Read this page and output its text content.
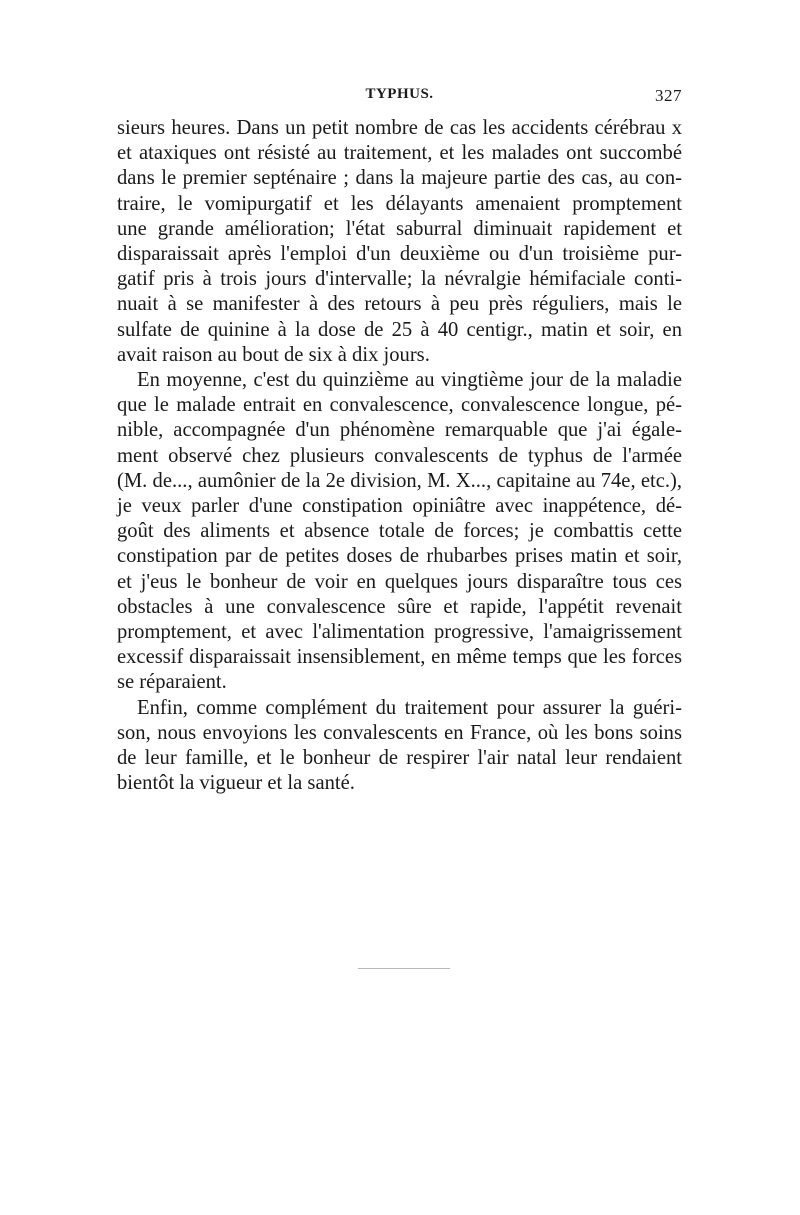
TYPHUS.	327

sieurs heures. Dans un petit nombre de cas les accidents cérébrau x

et ataxiques ont résisté au traitement, et les malades ont succombé

dans le premier septénaire ; dans la majeure partie des cas, au con-

traire, le vomipurgatif et les délayants amenaient promptement

une grande amélioration; l'état saburral diminuait rapidement et

disparaissait après l'emploi d'un deuxième ou d'un troisième pur-

gatif pris à trois jours d'intervalle; la névralgie hémifaciale conti-

nuait à se manifester à des retours à peu près réguliers, mais le

sulfate de quinine à la dose de 25 à 40 centigr., matin et soir, en

avait raison au bout de six à dix jours.

En moyenne, c'est du quinzième au vingtième jour de la maladie

que le malade entrait en convalescence, convalescence longue, pé-

nible, accompagnée d'un phénomène remarquable que j'ai égale-

ment observé chez plusieurs convalescents de typhus de l'armée

(M. de..., aumônier de la 2e division, M. X..., capitaine au 74e, etc.),

je veux parler d'une constipation opiniâtre avec inappétence, dé-

goût des aliments et absence totale de forces; je combattis cette

constipation par de petites doses de rhubarbes prises matin et soir,

et j'eus le bonheur de voir en quelques jours disparaître tous ces

obstacles à une convalescence sûre et rapide, l'appétit revenait

promptement, et avec l'alimentation progressive, l'amaigrissement

excessif disparaissait insensiblement, en même temps que les forces

se réparaient.

Enfin, comme complément du traitement pour assurer la guéri-

son, nous envoyions les convalescents en France, où les bons soins

de leur famille, et le bonheur de respirer l'air natal leur rendaient

bientôt la vigueur et la santé.
